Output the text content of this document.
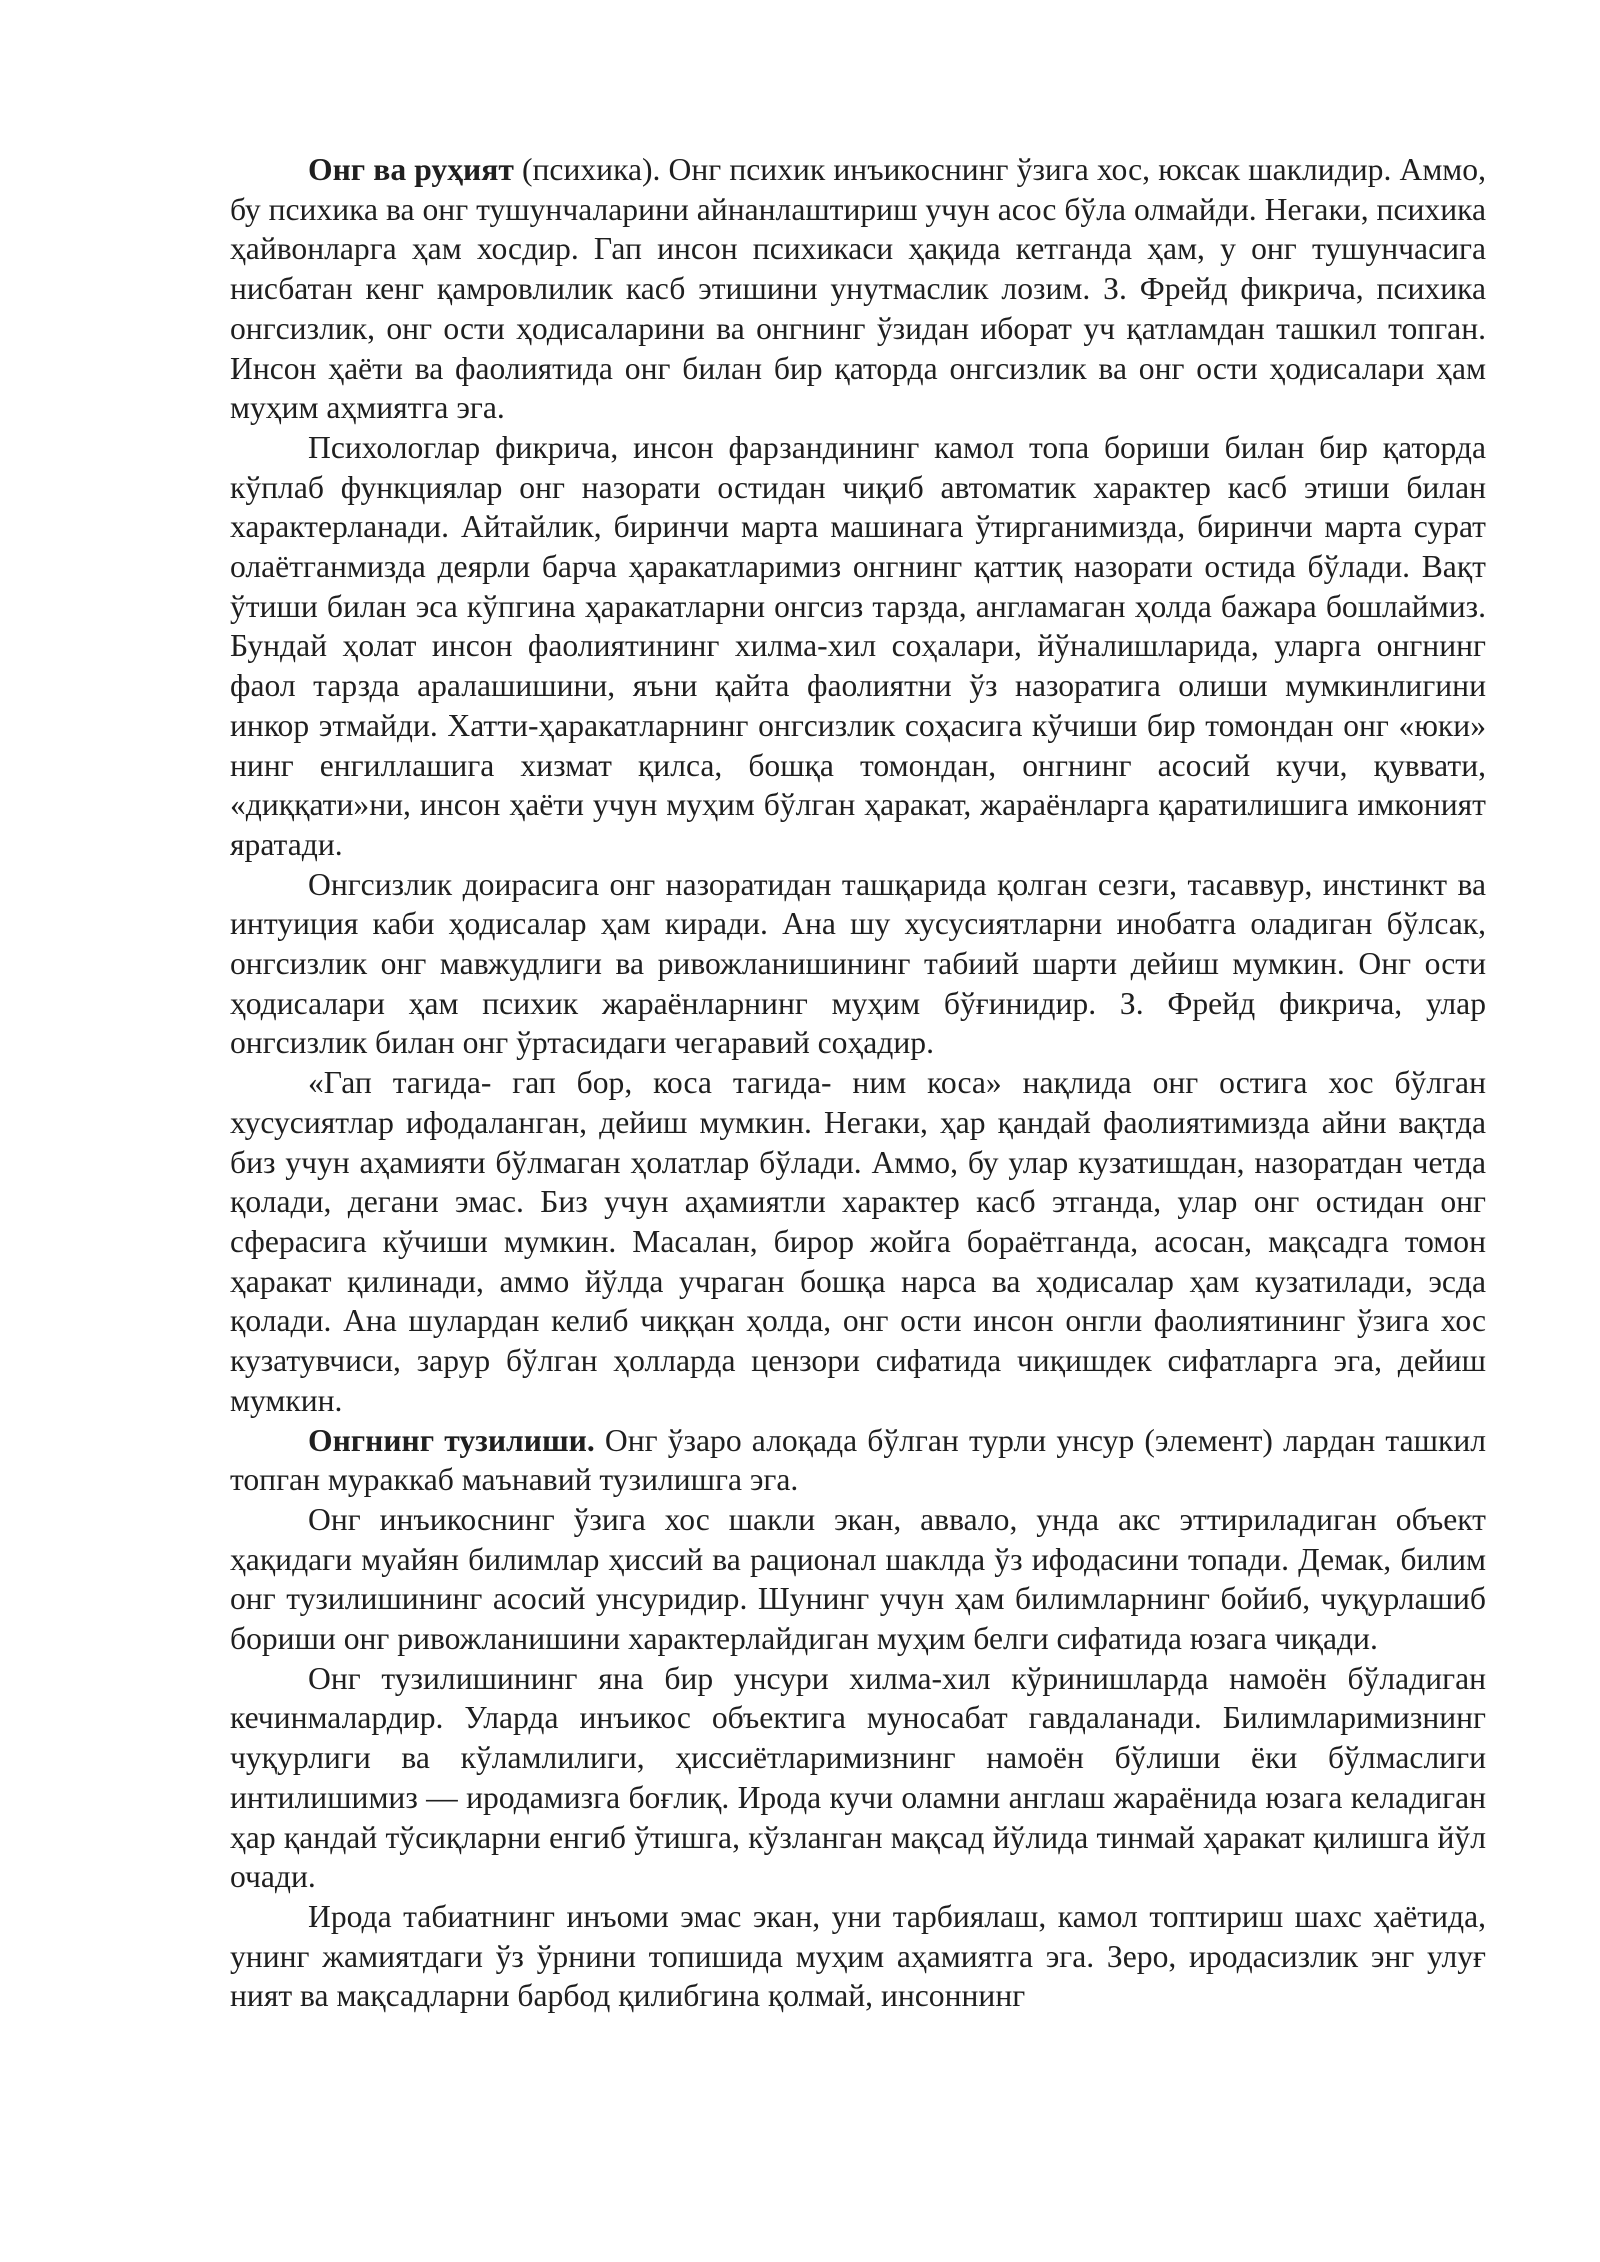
Онг ва руҳият (психика). Онг психик инъикоснинг ўзига хос, юксак шаклидир. Аммо, бу психика ва онг тушунчаларини айнанлаштириш учун асос бўла олмайди. Негаки, психика ҳайвонларга ҳам хосдир. Гап инсон психикаси ҳақида кетганда ҳам, у онг тушунчасига нисбатан кенг қамровлилик касб этишини унутмаслик лозим. З. Фрейд фикрича, психика онгсизлик, онг ости ҳодисаларини ва онгнинг ўзидан иборат уч қатламдан ташкил топган. Инсон ҳаёти ва фаолиятида онг билан бир қаторда онгсизлик ва онг ости ҳодисалари ҳам муҳим аҳмиятга эга.

Психологлар фикрича, инсон фарзандининг камол топа бориши билан бир қаторда кўплаб функциялар онг назорати остидан чиқиб автоматик характер касб этиши билан характерланади. Айтайлик, биринчи марта машинага ўтирганимизда, биринчи марта сурат олаётганмизда деярли барча ҳаракатларимиз онгнинг қаттиқ назорати остида бўлади. Вақт ўтиши билан эса кўпгина ҳаракатларни онгсиз тарзда, англамаган ҳолда бажара бошлаймиз. Бундай ҳолат инсон фаолиятининг хилма-хил соҳалари, йўналишларида, уларга онгнинг фаол тарзда аралашишини, яъни қайта фаолиятни ўз назоратига олиши мумкинлигини инкор этмайди. Хатти-ҳаракатларнинг онгсизлик соҳасига кўчиши бир томондан онг «юки» нинг енгиллашига хизмат қилса, бошқа томондан, онгнинг асосий кучи, қуввати, «диққати»ни, инсон ҳаёти учун муҳим бўлган ҳаракат, жараёнларга қаратилишига имконият яратади.

Онгсизлик доирасига онг назоратидан ташқарида қолган сезги, тасаввур, инстинкт ва интуиция каби ҳодисалар ҳам киради. Ана шу хусусиятларни инобатга оладиган бўлсак, онгсизлик онг мавжудлиги ва ривожланишининг табиий шарти дейиш мумкин. Онг ости ҳодисалари ҳам психик жараёнларнинг муҳим бўғинидир. З. Фрейд фикрича, улар онгсизлик билан онг ўртасидаги чегаравий соҳадир.

«Гап тагида- гап бор, коса тагида- ним коса» нақлида онг остига хос бўлган хусусиятлар ифодаланган, дейиш мумкин. Негаки, ҳар қандай фаолиятимизда айни вақтда биз учун аҳамияти бўлмаган ҳолатлар бўлади. Аммо, бу улар кузатишдан, назоратдан четда қолади, дегани эмас. Биз учун аҳамиятли характер касб этганда, улар онг остидан онг сферасига кўчиши мумкин. Масалан, бирор жойга бораётганда, асосан, мақсадга томон ҳаракат қилинади, аммо йўлда учраган бошқа нарса ва ҳодисалар ҳам кузатилади, эсда қолади. Ана шулардан келиб чиққан ҳолда, онг ости инсон онгли фаолиятининг ўзига хос кузатувчиси, зарур бўлган ҳолларда цензори сифатида чиқишдек сифатларга эга, дейиш мумкин.

Онгнинг тузилиши. Онг ўзаро алоқада бўлган турли унсур (элемент) лардан ташкил топган мураккаб маънавий тузилишга эга.

Онг инъикоснинг ўзига хос шакли экан, аввало, унда акс эттириладиган объект ҳақидаги муайян билимлар ҳиссий ва рационал шаклда ўз ифодасини топади. Демак, билим онг тузилишининг асосий унсуридир. Шунинг учун ҳам билимларнинг бойиб, чуқурлашиб бориши онг ривожланишини характерлайдиган муҳим белги сифатида юзага чиқади.

Онг тузилишининг яна бир унсури хилма-хил кўринишларда намоён бўладиган кечинмалардир. Уларда инъикос объектига муносабат гавдаланади. Билимларимизнинг чуқурлиги ва кўламлилиги, ҳиссиётларимизнинг намоён бўлиши ёки бўлмаслиги интилишимиз — иродамизга боғлиқ. Ирода кучи оламни англаш жараёнида юзага келадиган ҳар қандай тўсиқларни енгиб ўтишга, кўзланган мақсад йўлида тинмай ҳаракат қилишга йўл очади.

Ирода табиатнинг инъоми эмас экан, уни тарбиялаш, камол топтириш шахс ҳаётида, унинг жамиятдаги ўз ўрнини топишида муҳим аҳамиятга эга. Зеро, иродасизлик энг улуғ ният ва мақсадларни барбод қилибгина қолмай, инсоннинг
